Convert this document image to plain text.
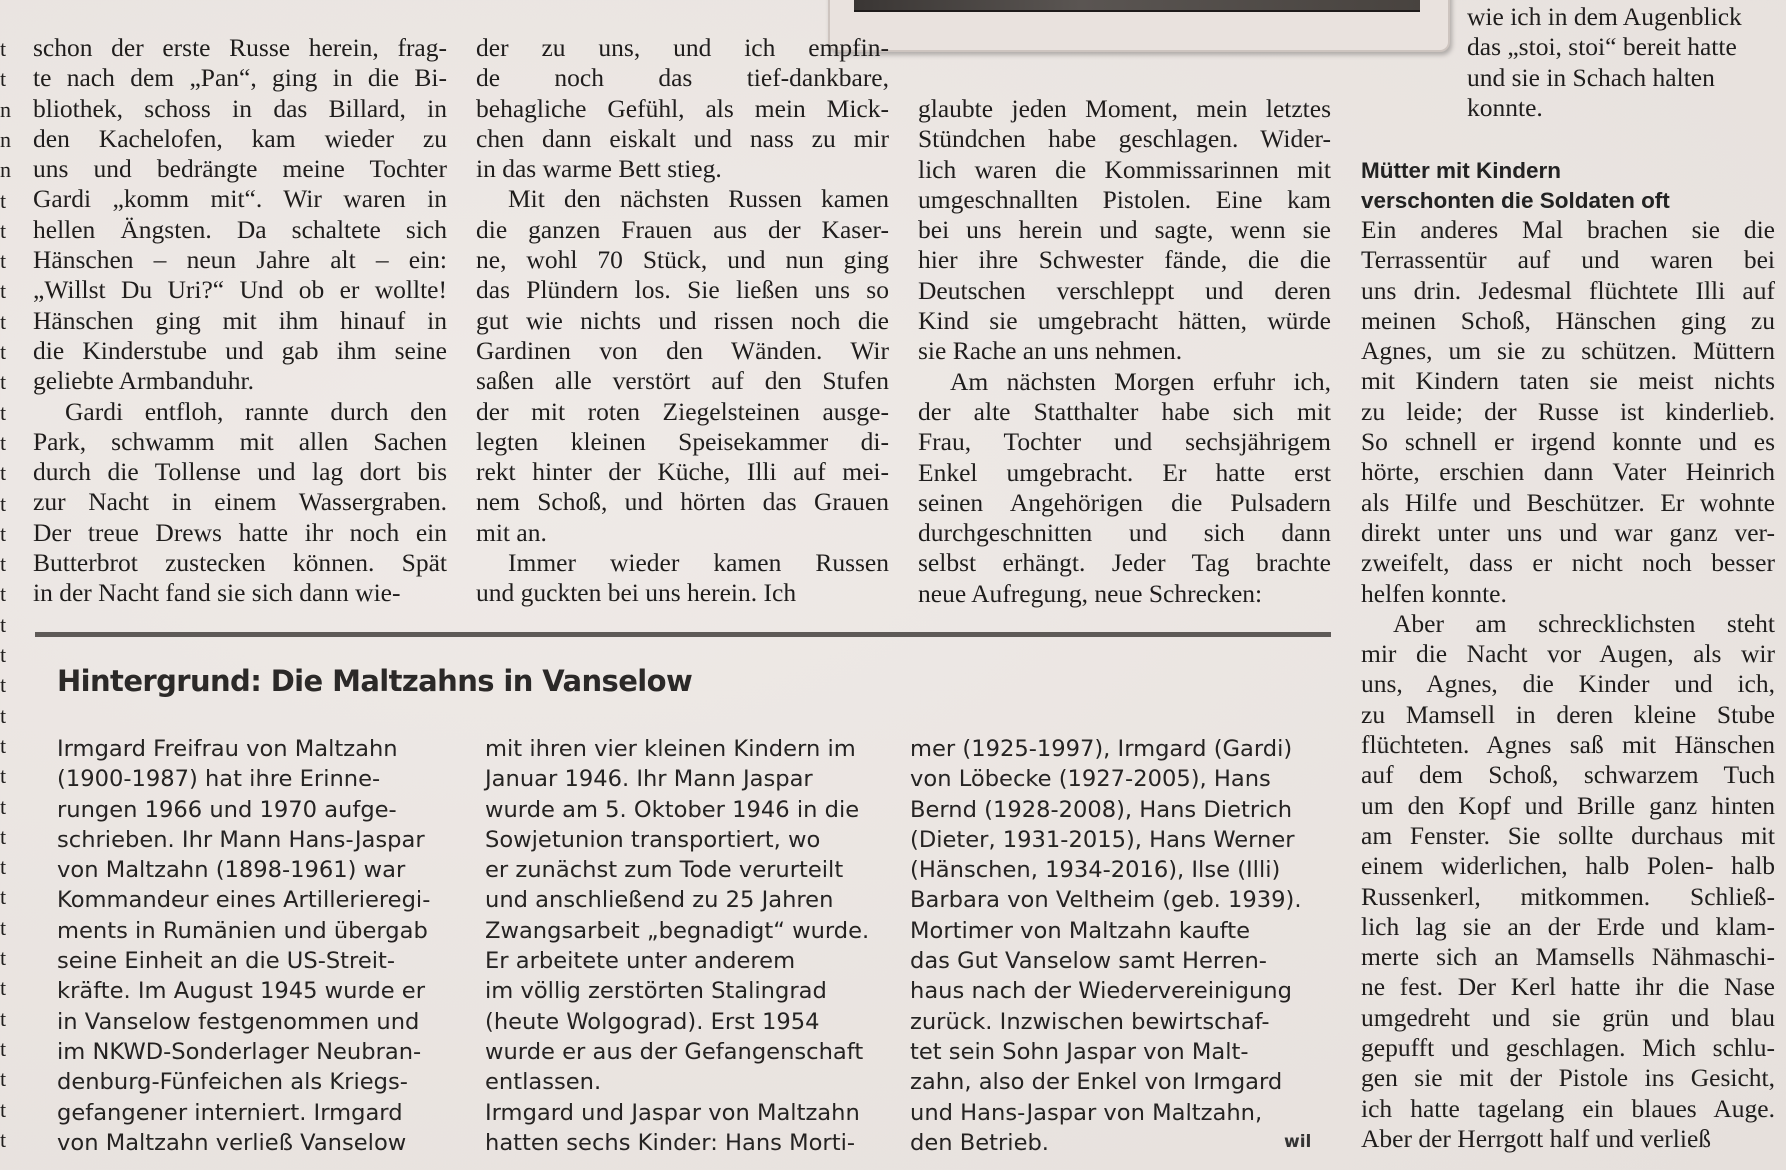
t
t
n
n
n
t
t
t
t
t
t
t
t
t
t
t
t
t
t
t
t
t
t
t
t
t
t
t
t
t
t
t
t
t
t
t
t
schon der erste Russe herein, frag-
te nach dem „Pan“, ging in die Bi-
bliothek, schoss in das Billard, in
den Kachelofen, kam wieder zu
uns und bedrängte meine Tochter
Gardi „komm mit“. Wir waren in
hellen Ängsten. Da schaltete sich
Hänschen – neun Jahre alt – ein:
„Willst Du Uri?“ Und ob er wollte!
Hänschen ging mit ihm hinauf in
die Kinderstube und gab ihm seine
geliebte Armbanduhr.
Gardi entfloh, rannte durch den
Park, schwamm mit allen Sachen
durch die Tollense und lag dort bis
zur Nacht in einem Wassergraben.
Der treue Drews hatte ihr noch ein
Butterbrot zustecken können. Spät
in der Nacht fand sie sich dann wie-
der zu uns, und ich empfin-
de noch das tief-dankbare,
behagliche Gefühl, als mein Mick-
chen dann eiskalt und nass zu mir
in das warme Bett stieg.
Mit den nächsten Russen kamen
die ganzen Frauen aus der Kaser-
ne, wohl 70 Stück, und nun ging
das Plündern los. Sie ließen uns so
gut wie nichts und rissen noch die
Gardinen von den Wänden. Wir
saßen alle verstört auf den Stufen
der mit roten Ziegelsteinen ausge-
legten kleinen Speisekammer di-
rekt hinter der Küche, Illi auf mei-
nem Schoß, und hörten das Grauen
mit an.
Immer wieder kamen Russen
und guckten bei uns herein. Ich
glaubte jeden Moment, mein letztes
Stündchen habe geschlagen. Wider-
lich waren die Kommissarinnen mit
umgeschnallten Pistolen. Eine kam
bei uns herein und sagte, wenn sie
hier ihre Schwester fände, die die
Deutschen verschleppt und deren
Kind sie umgebracht hätten, würde
sie Rache an uns nehmen.
Am nächsten Morgen erfuhr ich,
der alte Statthalter habe sich mit
Frau, Tochter und sechsjährigem
Enkel umgebracht. Er hatte erst
seinen Angehörigen die Pulsadern
durchgeschnitten und sich dann
selbst erhängt. Jeder Tag brachte
neue Aufregung, neue Schrecken:
wie ich in dem Augenblick
das „stoi, stoi“ bereit hatte
und sie in Schach halten
konnte.
Mütter mit Kindern
verschonten die Soldaten oft
Ein anderes Mal brachen sie die
Terrassentür auf und waren bei
uns drin. Jedesmal flüchtete Illi auf
meinen Schoß, Hänschen ging zu
Agnes, um sie zu schützen. Müttern
mit Kindern taten sie meist nichts
zu leide; der Russe ist kinderlieb.
So schnell er irgend konnte und es
hörte, erschien dann Vater Heinrich
als Hilfe und Beschützer. Er wohnte
direkt unter uns und war ganz ver-
zweifelt, dass er nicht noch besser
helfen konnte.
Aber am schrecklichsten steht
mir die Nacht vor Augen, als wir
uns, Agnes, die Kinder und ich,
zu Mamsell in deren kleine Stube
flüchteten. Agnes saß mit Hänschen
auf dem Schoß, schwarzem Tuch
um den Kopf und Brille ganz hinten
am Fenster. Sie sollte durchaus mit
einem widerlichen, halb Polen- halb
Russenkerl, mitkommen. Schließ-
lich lag sie an der Erde und klam-
merte sich an Mamsells Nähmaschi-
ne fest. Der Kerl hatte ihr die Nase
umgedreht und sie grün und blau
gepufft und geschlagen. Mich schlu-
gen sie mit der Pistole ins Gesicht,
ich hatte tagelang ein blaues Auge.
Aber der Herrgott half und verließ
Hintergrund: Die Maltzahns in Vanselow
Irmgard Freifrau von Maltzahn
(1900-1987) hat ihre Erinne-
rungen 1966 und 1970 aufge-
schrieben. Ihr Mann Hans-Jaspar
von Maltzahn (1898-1961) war
Kommandeur eines Artillerieregi-
ments in Rumänien und übergab
seine Einheit an die US-Streit-
kräfte. Im August 1945 wurde er
in Vanselow festgenommen und
im NKWD-Sonderlager Neubran-
denburg-Fünfeichen als Kriegs-
gefangener interniert. Irmgard
von Maltzahn verließ Vanselow
mit ihren vier kleinen Kindern im
Januar 1946. Ihr Mann Jaspar
wurde am 5. Oktober 1946 in die
Sowjetunion transportiert, wo
er zunächst zum Tode verurteilt
und anschließend zu 25 Jahren
Zwangsarbeit „begnadigt“ wurde.
Er arbeitete unter anderem
im völlig zerstörten Stalingrad
(heute Wolgograd). Erst 1954
wurde er aus der Gefangenschaft
entlassen.
Irmgard und Jaspar von Maltzahn
hatten sechs Kinder: Hans Morti-
mer (1925-1997), Irmgard (Gardi)
von Löbecke (1927-2005), Hans
Bernd (1928-2008), Hans Dietrich
(Dieter, 1931-2015), Hans Werner
(Hänschen, 1934-2016), Ilse (Illi)
Barbara von Veltheim (geb. 1939).
Mortimer von Maltzahn kaufte
das Gut Vanselow samt Herren-
haus nach der Wiedervereinigung
zurück. Inzwischen bewirtschaf-
tet sein Sohn Jaspar von Malt-
zahn, also der Enkel von Irmgard
und Hans-Jaspar von Maltzahn,
den Betrieb.	wil
